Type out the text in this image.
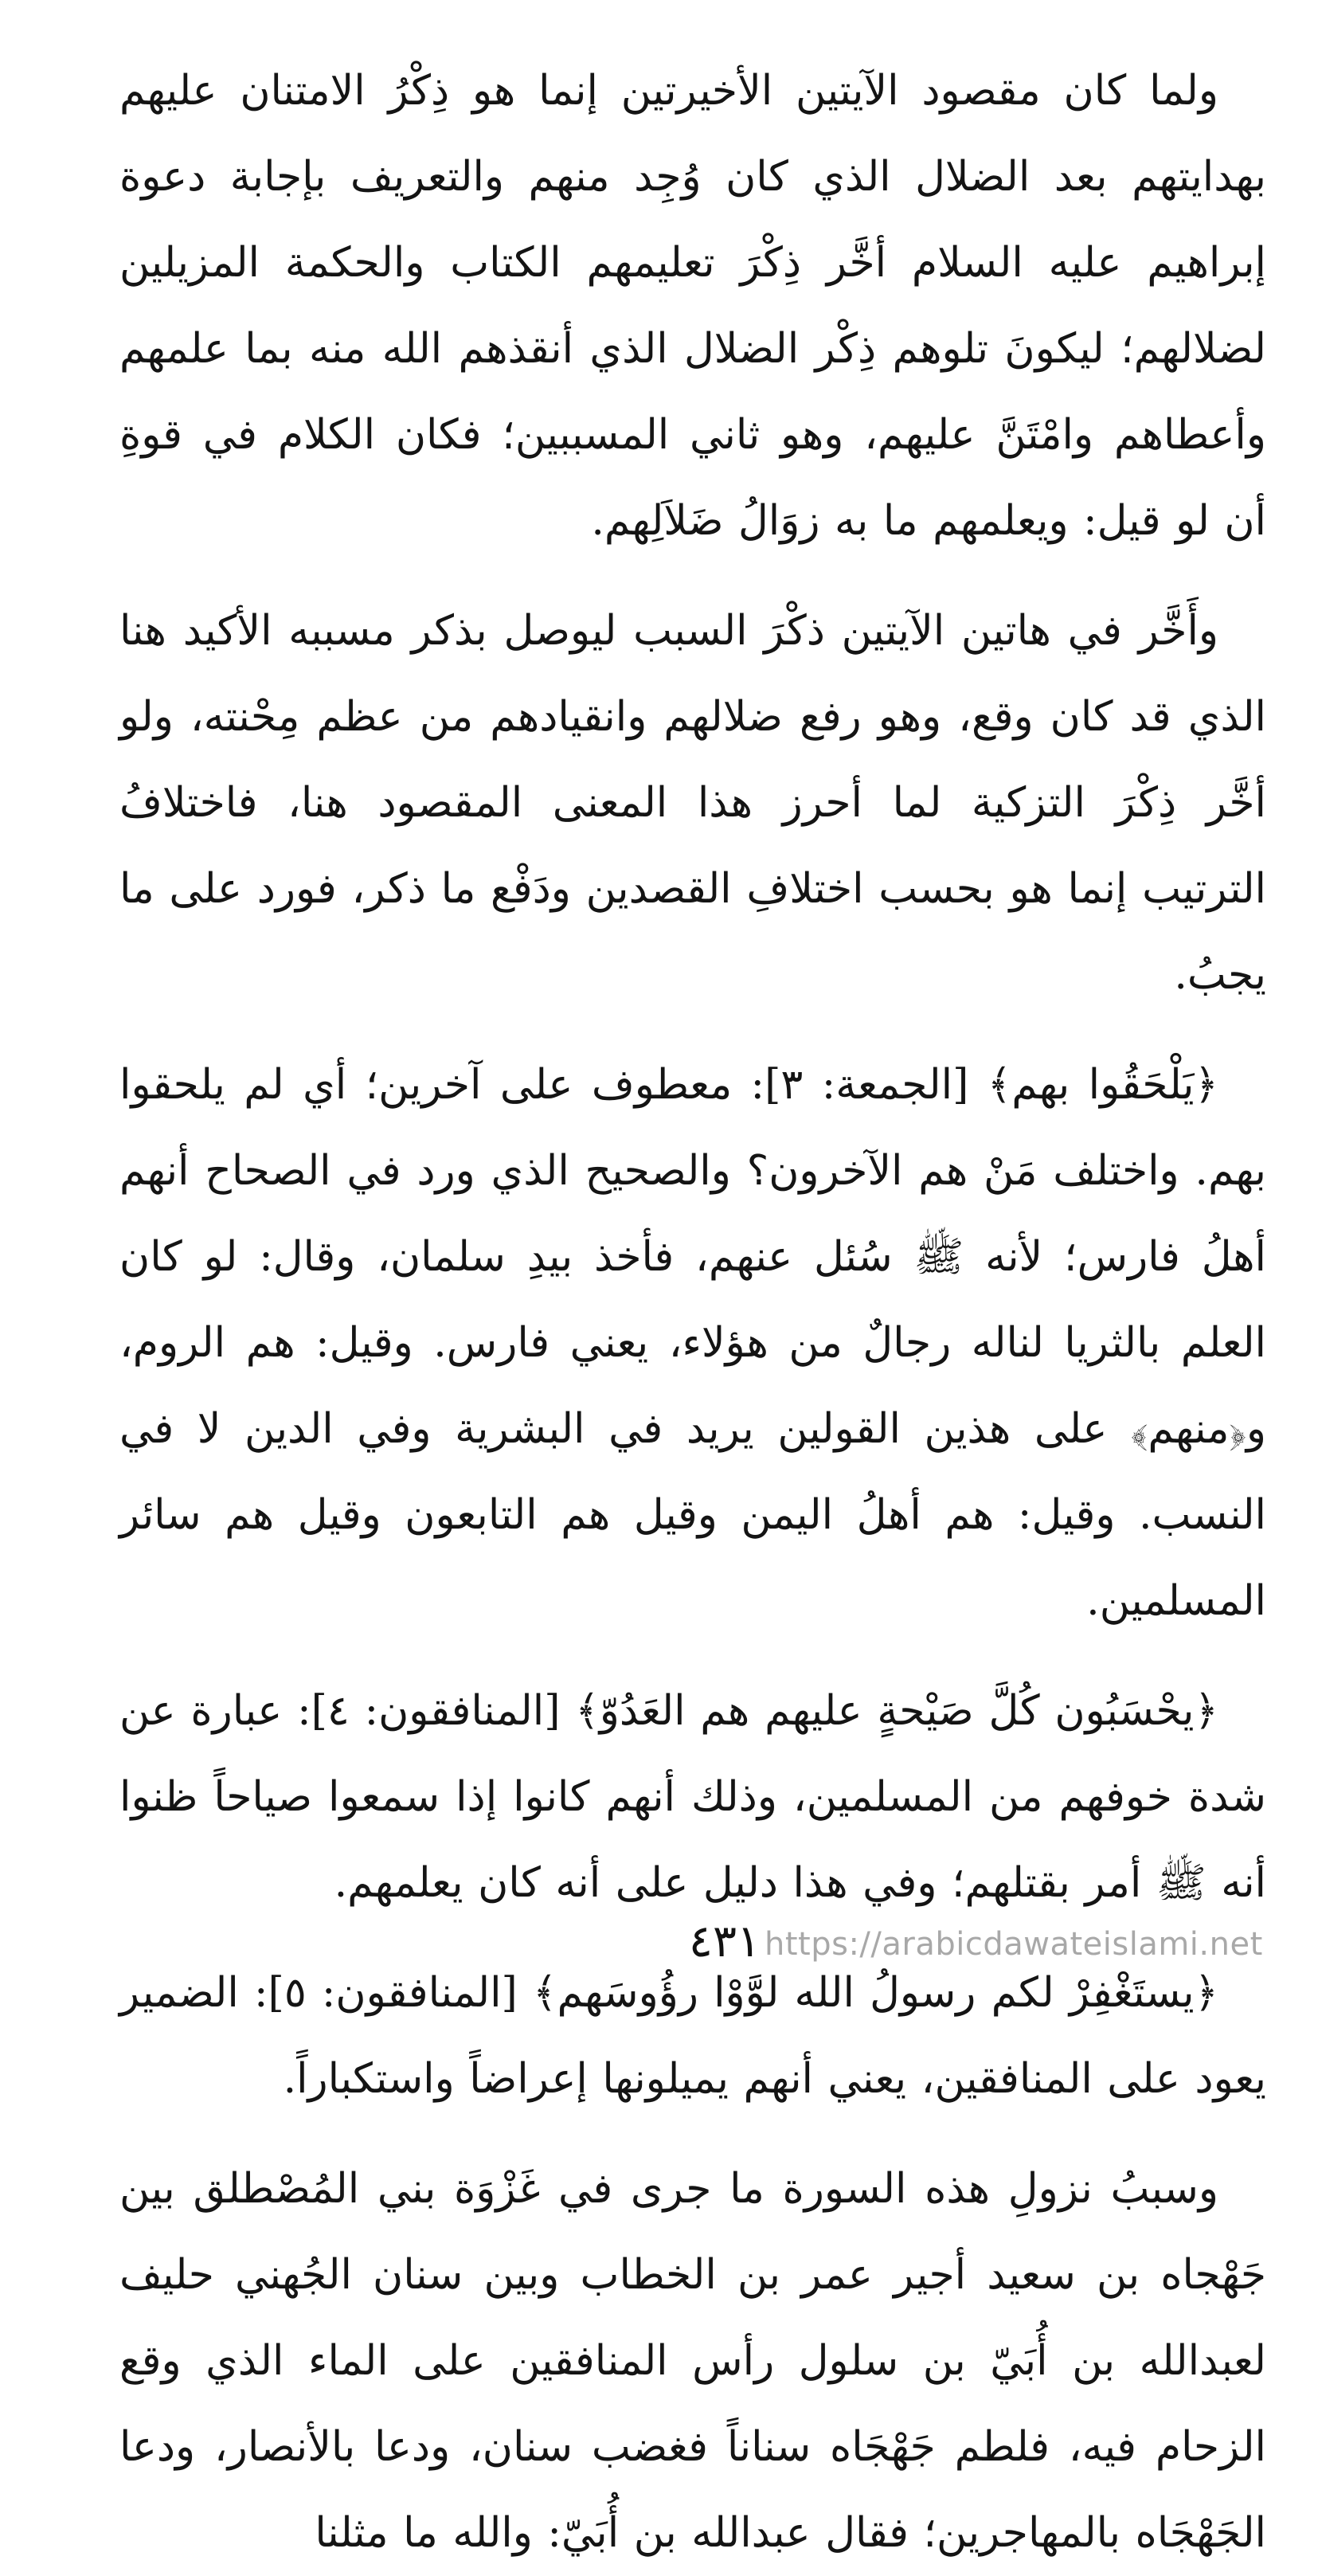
ولما كان مقصود الآيتين الأخيرتين إنما هو ذِكْرُ الامتنان عليهم بهدايتهم بعد الضلال الذي كان وُجِد منهم والتعريف بإجابة دعوة إبراهيم عليه السلام أخَّر ذِكْرَ تعليمهم الكتاب والحكمة المزيلين لضلالهم؛ ليكونَ تلوهم ذِكْر الضلال الذي أنقذهم الله منه بما علمهم وأعطاهم وامْتَنَّ عليهم، وهو ثاني المسببين؛ فكان الكلام في قوةِ أن لو قيل: ويعلمهم ما به زوَالُ ضَلاَلِهم.

وأَخَّر في هاتين الآيتين ذكْرَ السبب ليوصل بذكر مسببه الأكيد هنا الذي قد كان وقع، وهو رفع ضلالهم وانقيادهم من عظم مِحْنته، ولو أخَّر ذِكْرَ التزكية لما أحرز هذا المعنى المقصود هنا، فاختلافُ الترتيب إنما هو بحسب اختلافِ القصدين ودَفْع ما ذكر، فورد على ما يجبُ.

﴿يَلْحَقُوا بهم﴾ [الجمعة: ٣]: معطوف على آخرين؛ أي لم يلحقوا بهم. واختلف مَنْ هم الآخرون؟ والصحيح الذي ورد في الصحاح أنهم أهلُ فارس؛ لأنه ﷺ سُئل عنهم، فأخذ بيدِ سلمان، وقال: لو كان العلم بالثريا لناله رجالٌ من هؤلاء، يعني فارس. وقيل: هم الروم، و﴿منهم﴾ على هذين القولين يريد في البشرية وفي الدين لا في النسب. وقيل: هم أهلُ اليمن وقيل هم التابعون وقيل هم سائر المسلمين.

﴿يحْسَبُون كُلَّ صَيْحةٍ عليهم هم العَدُوّ﴾ [المنافقون: ٤]: عبارة عن شدة خوفهم من المسلمين، وذلك أنهم كانوا إذا سمعوا صياحاً ظنوا أنه ﷺ أمر بقتلهم؛ وفي هذا دليل على أنه كان يعلمهم.

﴿يستَغْفِرْ لكم رسولُ الله لوَّوْا رؤُوسَهم﴾ [المنافقون: ٥]: الضمير يعود على المنافقين، يعني أنهم يميلونها إعراضاً واستكباراً.

وسببُ نزولِ هذه السورة ما جرى في غَزْوَة بني المُصْطلق بين جَهْجاه بن سعيد أجير عمر بن الخطاب وبين سنان الجُهني حليف لعبدالله بن أُبَيّ بن سلول رأس المنافقين على الماء الذي وقع الزحام فيه، فلطم جَهْجَاه سناناً فغضب سنان، ودعا بالأنصار، ودعا الجَهْجَاه بالمهاجرين؛ فقال عبدالله بن أُبَيّ: والله ما مثلنا

٤٣١ https://arabicdawateislami.net
